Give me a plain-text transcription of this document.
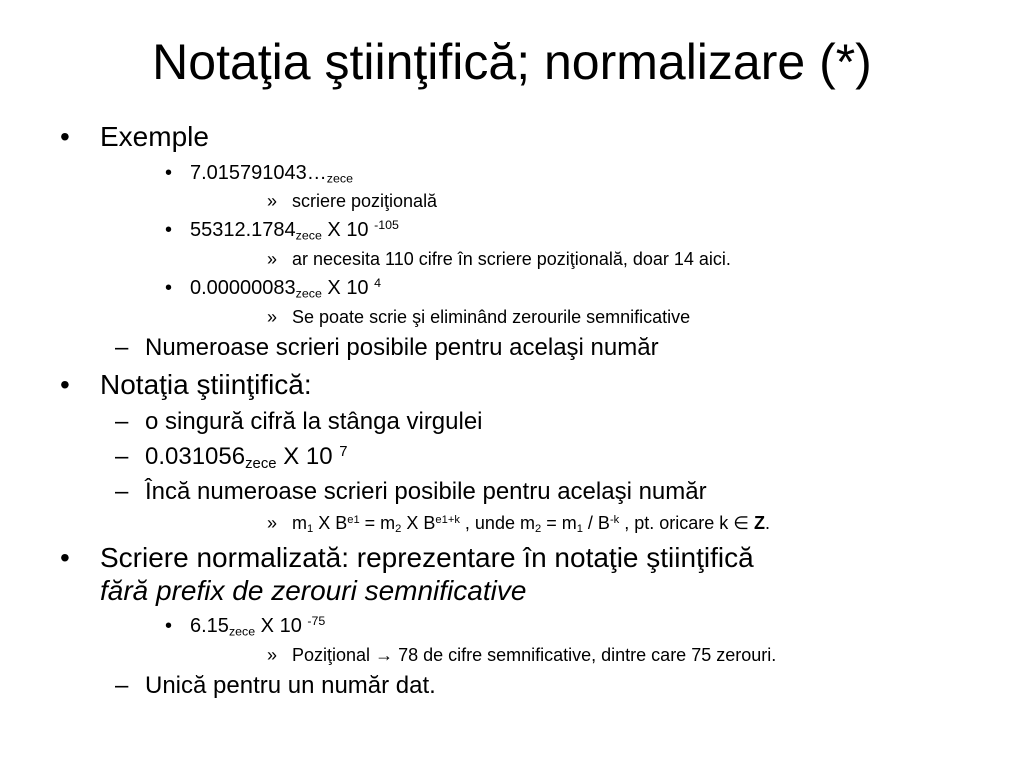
Notaţia ştiinţifică; normalizare (*)
• Exemple
• $7.015791043\dots_{zece}$
» scriere poziţională
• $55312.1784_{zece}$ X 10 $^{-105}$
» ar necesita 110 cifre în scriere poziţională, doar 14 aici.
• $0.00000083_{zece}$ X 10 $^4$
» Se poate scrie şi eliminând zerourile semnificative
– Numeroase scrieri posibile pentru acelaşi număr
• Notaţia ştiinţifică:
– o singură cifră la stânga virgulei
– $0.031056_{zece}$ X 10 $^7$
– Încă numeroase scrieri posibile pentru acelaşi număr
» $m_1$ X $B^{e1} = m_2$ X $B^{e1+k}$ , unde $m_2 = m_1 / B^{-k}$ , pt. oricare k ∈ Z.
• Scriere normalizată: reprezentare în notaţie ştiinţifică
fără prefix de zerouri semnificative
• $6.15_{zece}$ X 10 $^{-75}$
» Poziţional → 78 de cifre semnificative, dintre care 75 zerouri.
– Unică pentru un număr dat.
